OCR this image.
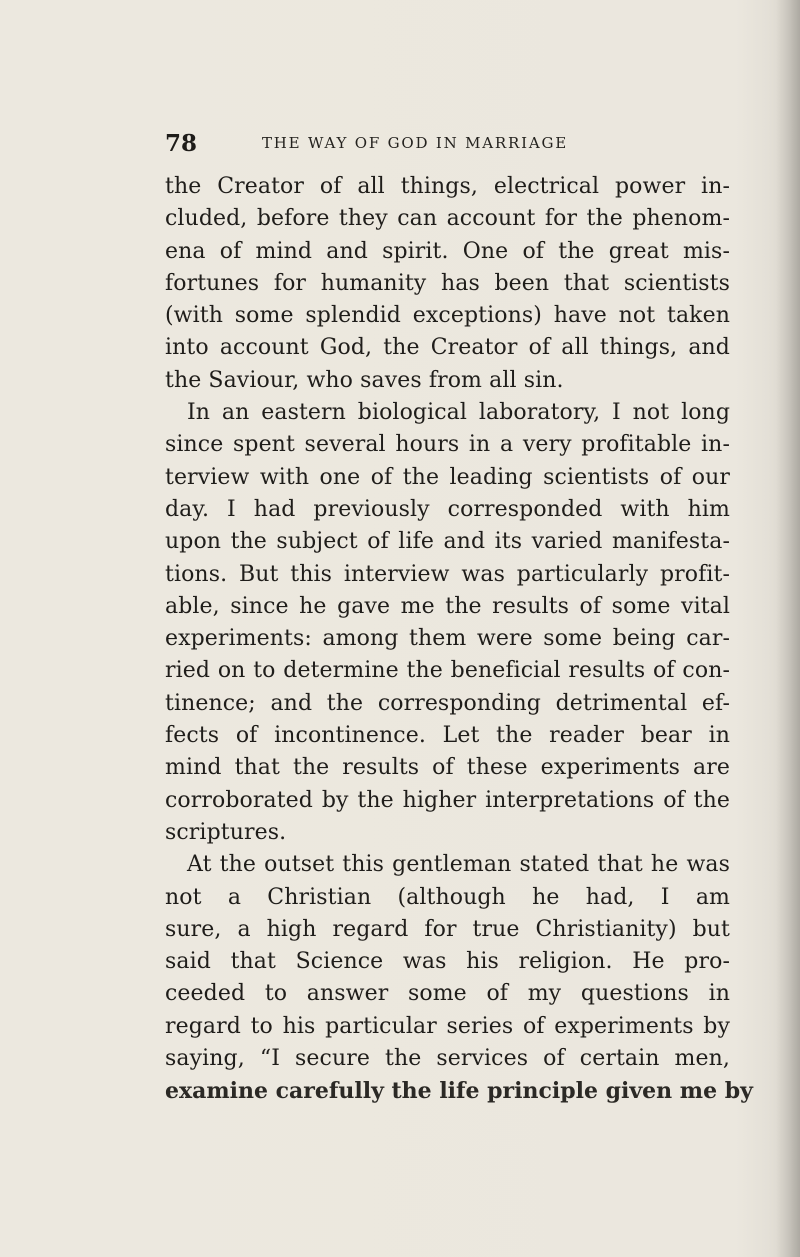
78	THE WAY OF GOD IN MARRIAGE
the Creator of all things, electrical power in-
cluded, before they can account for the phenom-
ena of mind and spirit. One of the great mis-
fortunes for humanity has been that scientists
(with some splendid exceptions) have not taken
into account God, the Creator of all things, and
the Saviour, who saves from all sin.
In an eastern biological laboratory, I not long
since spent several hours in a very profitable in-
terview with one of the leading scientists of our
day. I had previously corresponded with him
upon the subject of life and its varied manifesta-
tions. But this interview was particularly profit-
able, since he gave me the results of some vital
experiments: among them were some being car-
ried on to determine the beneficial results of con-
tinence; and the corresponding detrimental ef-
fects of incontinence. Let the reader bear in
mind that the results of these experiments are
corroborated by the higher interpretations of the
scriptures.
At the outset this gentleman stated that he was
not a Christian (although he had, I am
sure, a high regard for true Christianity) but
said that Science was his religion. He pro-
ceeded to answer some of my questions in
regard to his particular series of experiments by
saying, “I secure the services of certain men,
examine carefully the life principle given me by
